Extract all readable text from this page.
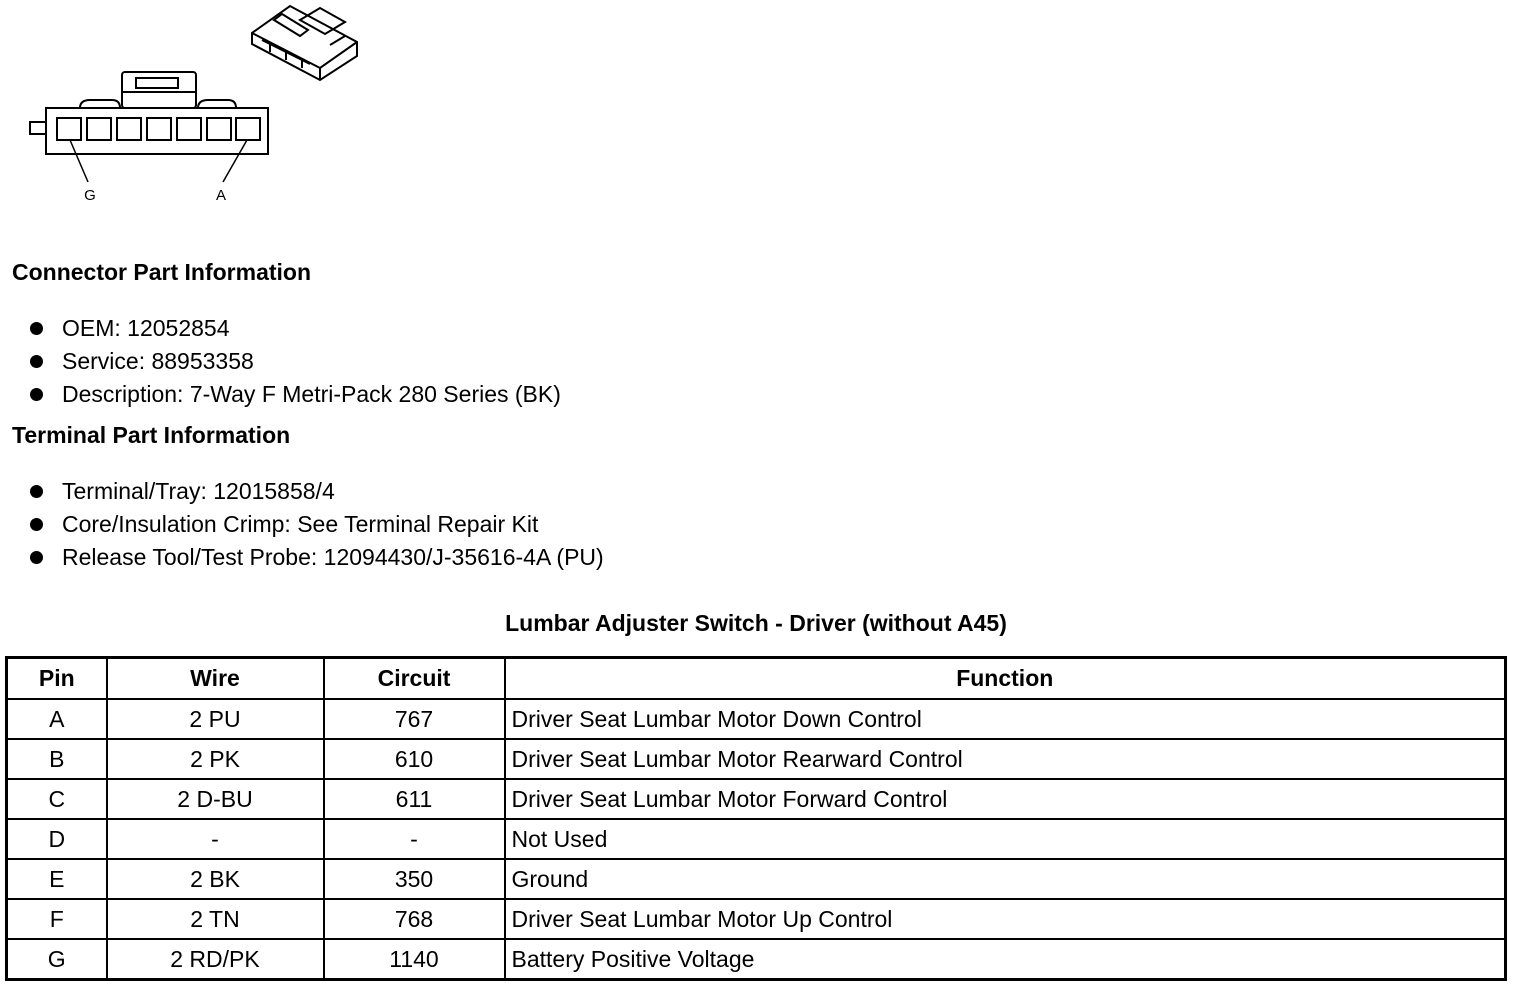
G	A
Connector Part Information
OEM: 12052854
Service: 88953358
Description: 7-Way F Metri-Pack 280 Series (BK)
Terminal Part Information
Terminal/Tray: 12015858/4
Core/Insulation Crimp: See Terminal Repair Kit
Release Tool/Test Probe: 12094430/J-35616-4A (PU)
Lumbar Adjuster Switch - Driver (without A45)
Pin	Wire	Circuit	Function
A	2 PU	767	Driver Seat Lumbar Motor Down Control
B	2 PK	610	Driver Seat Lumbar Motor Rearward Control
C	2 D-BU	611	Driver Seat Lumbar Motor Forward Control
D	-	-	Not Used
E	2 BK	350	Ground
F	2 TN	768	Driver Seat Lumbar Motor Up Control
G	2 RD/PK	1140	Battery Positive Voltage
